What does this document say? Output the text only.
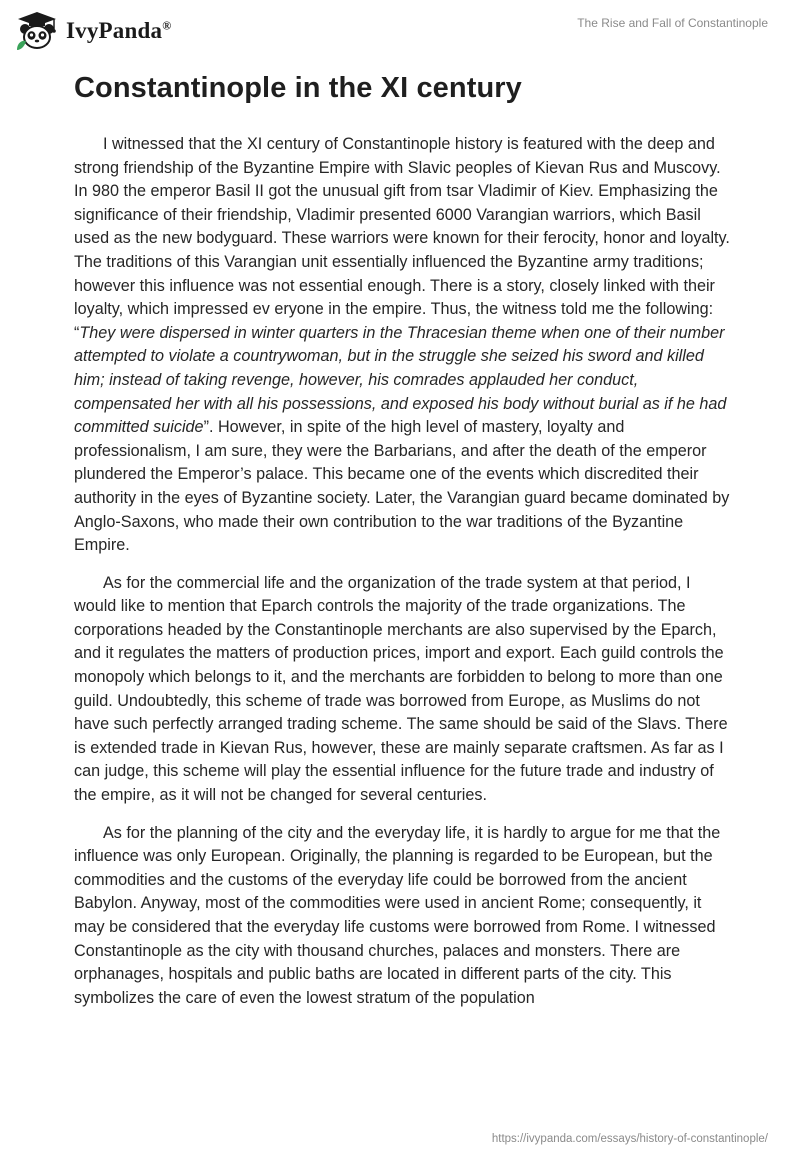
IvyPanda®	The Rise and Fall of Constantinople
Constantinople in the XI century

I witnessed that the XI century of Constantinople history is featured with the deep and strong friendship of the Byzantine Empire with Slavic peoples of Kievan Rus and Muscovy. In 980 the emperor Basil II got the unusual gift from tsar Vladimir of Kiev. Emphasizing the significance of their friendship, Vladimir presented 6000 Varangian warriors, which Basil used as the new bodyguard. These warriors were known for their ferocity, honor and loyalty. The traditions of this Varangian unit essentially influenced the Byzantine army traditions; however this influence was not essential enough. There is a story, closely linked with their loyalty, which impressed ev eryone in the empire. Thus, the witness told me the following: “They were dispersed in winter quarters in the Thracesian theme when one of their number attempted to violate a countrywoman, but in the struggle she seized his sword and killed him; instead of taking revenge, however, his comrades applauded her conduct, compensated her with all his possessions, and exposed his body without burial as if he had committed suicide”. However, in spite of the high level of mastery, loyalty and professionalism, I am sure, they were the Barbarians, and after the death of the emperor plundered the Emperor’s palace. This became one of the events which discredited their authority in the eyes of Byzantine society. Later, the Varangian guard became dominated by Anglo-Saxons, who made their own contribution to the war traditions of the Byzantine Empire.

As for the commercial life and the organization of the trade system at that period, I would like to mention that Eparch controls the majority of the trade organizations. The corporations headed by the Constantinople merchants are also supervised by the Eparch, and it regulates the matters of production prices, import and export. Each guild controls the monopoly which belongs to it, and the merchants are forbidden to belong to more than one guild. Undoubtedly, this scheme of trade was borrowed from Europe, as Muslims do not have such perfectly arranged trading scheme. The same should be said of the Slavs. There is extended trade in Kievan Rus, however, these are mainly separate craftsmen. As far as I can judge, this scheme will play the essential influence for the future trade and industry of the empire, as it will not be changed for several centuries.

As for the planning of the city and the everyday life, it is hardly to argue for me that the influence was only European. Originally, the planning is regarded to be European, but the commodities and the customs of the everyday life could be borrowed from the ancient Babylon. Anyway, most of the commodities were used in ancient Rome; consequently, it may be considered that the everyday life customs were borrowed from Rome. I witnessed Constantinople as the city with thousand churches, palaces and monsters. There are orphanages, hospitals and public baths are located in different parts of the city. This symbolizes the care of even the lowest stratum of the population

https://ivypanda.com/essays/history-of-constantinople/
